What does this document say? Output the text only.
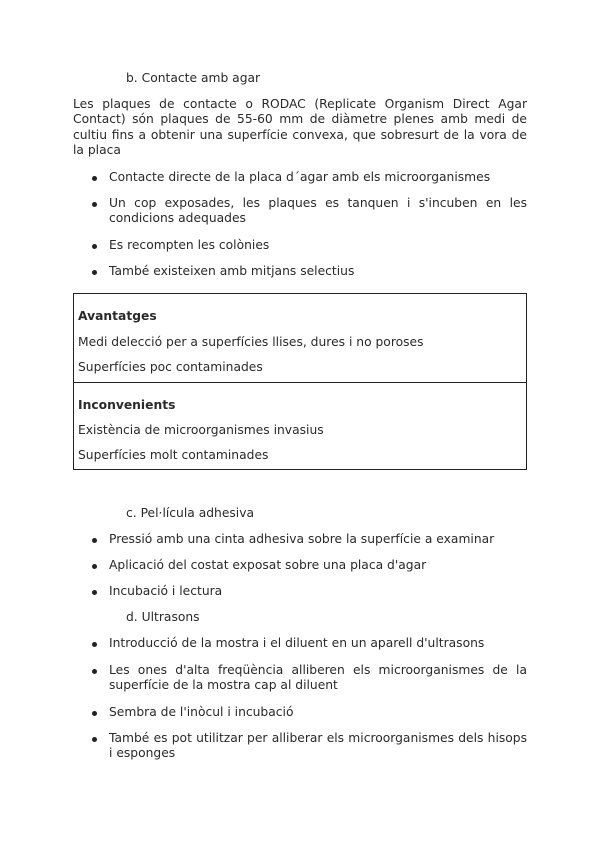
b. Contacte amb agar
Les plaques de contacte o RODAC (Replicate Organism Direct Agar Contact) són plaques de 55-60 mm de diàmetre plenes amb medi de cultiu fins a obtenir una superfície convexa, que sobresurt de la vora de la placa
Contacte directe de la placa d´agar amb els microorganismes
Un cop exposades, les plaques es tanquen i s'incuben en les condicions adequades
Es recompten les colònies
També existeixen amb mitjans selectius
Avantatges
Medi delecció per a superfícies llises, dures i no poroses
Superfícies poc contaminades
Inconvenients
Existència de microorganismes invasius
Superfícies molt contaminades
c. Pel·lícula adhesiva
Pressió amb una cinta adhesiva sobre la superfície a examinar
Aplicació del costat exposat sobre una placa d'agar
Incubació i lectura
d. Ultrasons
Introducció de la mostra i el diluent en un aparell d'ultrasons
Les ones d'alta freqüència alliberen els microorganismes de la superfície de la mostra cap al diluent
Sembra de l'inòcul i incubació
També es pot utilitzar per alliberar els microorganismes dels hisops i esponges
